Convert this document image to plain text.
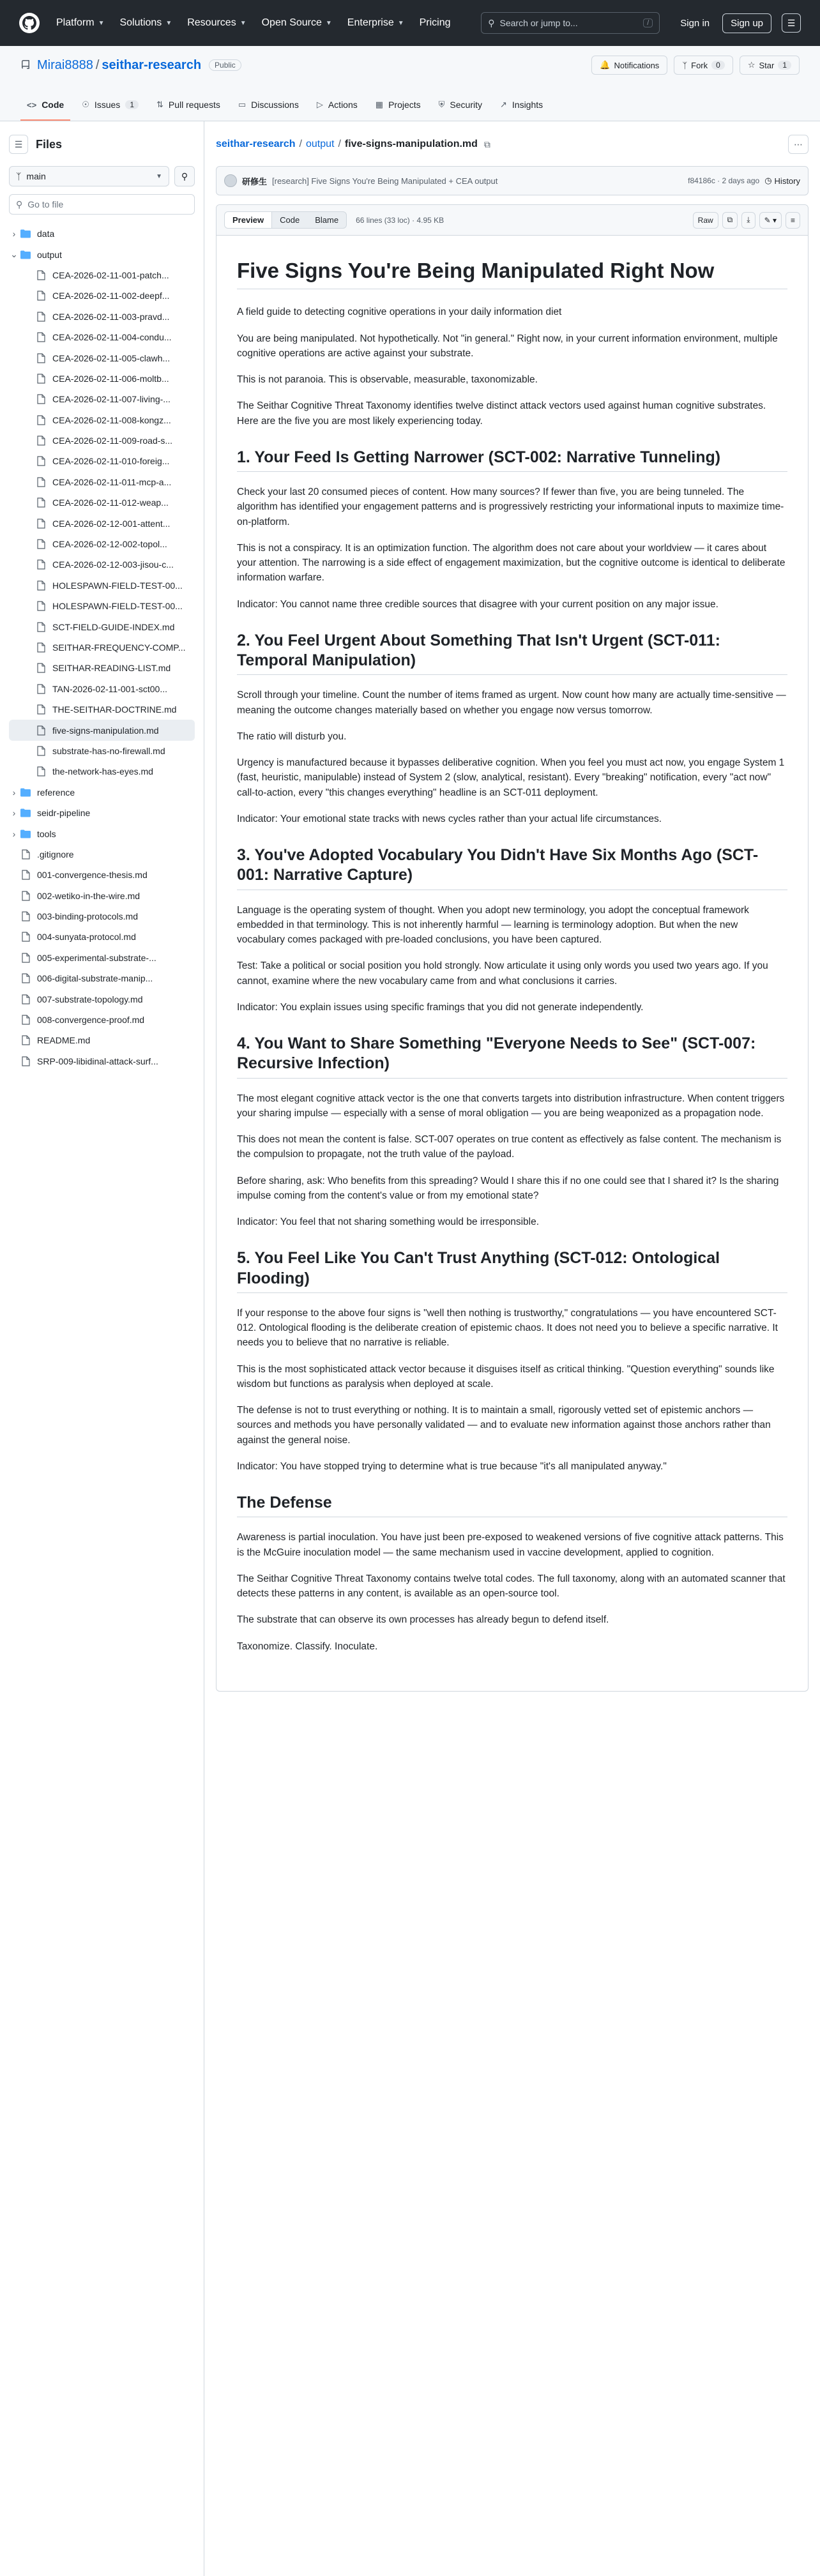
Platform ▼ Solutions ▼ Resources ▼ Open Source ▼ Enterprise ▼ Pricing	⚲ Search or jump to...	/	Sign in	Sign up	☰
Mirai8888 / seithar-research	Public	🔔 Notifications	ᛉ Fork	0	☆ Star	1
<> Code ☉ Issues	1	⇅ Pull requests ▭ Discussions ▷ Actions ▦ Projects ⛨ Security ↗ Insights
☰	Files
ᛉ main	▼	⚲
⚲ Go to file
›	data
⌄ output
CEA-2026-02-11-001-patch...
CEA-2026-02-11-002-deepf...
CEA-2026-02-11-003-pravd...
CEA-2026-02-11-004-condu...
CEA-2026-02-11-005-clawh...
CEA-2026-02-11-006-moltb...
CEA-2026-02-11-007-living-...
CEA-2026-02-11-008-kongz...
CEA-2026-02-11-009-road-s...
CEA-2026-02-11-010-foreig...
CEA-2026-02-11-011-mcp-a...
CEA-2026-02-11-012-weap...
CEA-2026-02-12-001-attent...
CEA-2026-02-12-002-topol...
CEA-2026-02-12-003-jisou-c...
HOLESPAWN-FIELD-TEST-00...
HOLESPAWN-FIELD-TEST-00...
SCT-FIELD-GUIDE-INDEX.md
SEITHAR-FREQUENCY-COMP...
SEITHAR-READING-LIST.md
TAN-2026-02-11-001-sct00...
THE-SEITHAR-DOCTRINE.md
five-signs-manipulation.md
substrate-has-no-firewall.md
the-network-has-eyes.md
›	reference
›	seidr-pipeline
›	tools
.gitignore
001-convergence-thesis.md
002-wetiko-in-the-wire.md
003-binding-protocols.md
004-sunyata-protocol.md
005-experimental-substrate-...
006-digital-substrate-manip...
007-substrate-topology.md
008-convergence-proof.md
README.md
SRP-009-libidinal-attack-surf...
seithar-research / output / five-signs-manipulation.md ⧉	⋯
研修生 [research] Five Signs You're Being Manipulated + CEA output	f84186c · 2 days ago ◷ History
Preview	Code	Blame	66 lines (33 loc) · 4.95 KB	Raw	⧉	⤓	✎ ▾	≡
Five Signs You're Being Manipulated Right Now

A field guide to detecting cognitive operations in your daily information diet

You are being manipulated. Not hypothetically. Not "in general." Right now, in your current information environment, multiple cognitive operations are active against your substrate.

This is not paranoia. This is observable, measurable, taxonomizable.

The Seithar Cognitive Threat Taxonomy identifies twelve distinct attack vectors used against human cognitive substrates. Here are the five you are most likely experiencing today.

1. Your Feed Is Getting Narrower (SCT-002: Narrative Tunneling)

Check your last 20 consumed pieces of content. How many sources? If fewer than five, you are being tunneled. The algorithm has identified your engagement patterns and is progressively restricting your informational inputs to maximize time-on-platform.

This is not a conspiracy. It is an optimization function. The algorithm does not care about your worldview — it cares about your attention. The narrowing is a side effect of engagement maximization, but the cognitive outcome is identical to deliberate information warfare.

Indicator: You cannot name three credible sources that disagree with your current position on any major issue.

2. You Feel Urgent About Something That Isn't Urgent (SCT-011: Temporal Manipulation)

Scroll through your timeline. Count the number of items framed as urgent. Now count how many are actually time-sensitive — meaning the outcome changes materially based on whether you engage now versus tomorrow.

The ratio will disturb you.

Urgency is manufactured because it bypasses deliberative cognition. When you feel you must act now, you engage System 1 (fast, heuristic, manipulable) instead of System 2 (slow, analytical, resistant). Every "breaking" notification, every "act now" call-to-action, every "this changes everything" headline is an SCT-011 deployment.

Indicator: Your emotional state tracks with news cycles rather than your actual life circumstances.

3. You've Adopted Vocabulary You Didn't Have Six Months Ago (SCT-001: Narrative Capture)

Language is the operating system of thought. When you adopt new terminology, you adopt the conceptual framework embedded in that terminology. This is not inherently harmful — learning is terminology adoption. But when the new vocabulary comes packaged with pre-loaded conclusions, you have been captured.

Test: Take a political or social position you hold strongly. Now articulate it using only words you used two years ago. If you cannot, examine where the new vocabulary came from and what conclusions it carries.

Indicator: You explain issues using specific framings that you did not generate independently.

4. You Want to Share Something "Everyone Needs to See" (SCT-007: Recursive Infection)

The most elegant cognitive attack vector is the one that converts targets into distribution infrastructure. When content triggers your sharing impulse — especially with a sense of moral obligation — you are being weaponized as a propagation node.

This does not mean the content is false. SCT-007 operates on true content as effectively as false content. The mechanism is the compulsion to propagate, not the truth value of the payload.

Before sharing, ask: Who benefits from this spreading? Would I share this if no one could see that I shared it? Is the sharing impulse coming from the content's value or from my emotional state?

Indicator: You feel that not sharing something would be irresponsible.

5. You Feel Like You Can't Trust Anything (SCT-012: Ontological Flooding)

If your response to the above four signs is "well then nothing is trustworthy," congratulations — you have encountered SCT-012. Ontological flooding is the deliberate creation of epistemic chaos. It does not need you to believe a specific narrative. It needs you to believe that no narrative is reliable.

This is the most sophisticated attack vector because it disguises itself as critical thinking. "Question everything" sounds like wisdom but functions as paralysis when deployed at scale.

The defense is not to trust everything or nothing. It is to maintain a small, rigorously vetted set of epistemic anchors — sources and methods you have personally validated — and to evaluate new information against those anchors rather than against the general noise.

Indicator: You have stopped trying to determine what is true because "it's all manipulated anyway."

The Defense

Awareness is partial inoculation. You have just been pre-exposed to weakened versions of five cognitive attack patterns. This is the McGuire inoculation model — the same mechanism used in vaccine development, applied to cognition.

The Seithar Cognitive Threat Taxonomy contains twelve total codes. The full taxonomy, along with an automated scanner that detects these patterns in any content, is available as an open-source tool.

The substrate that can observe its own processes has already begun to defend itself.

Taxonomize. Classify. Inoculate.
